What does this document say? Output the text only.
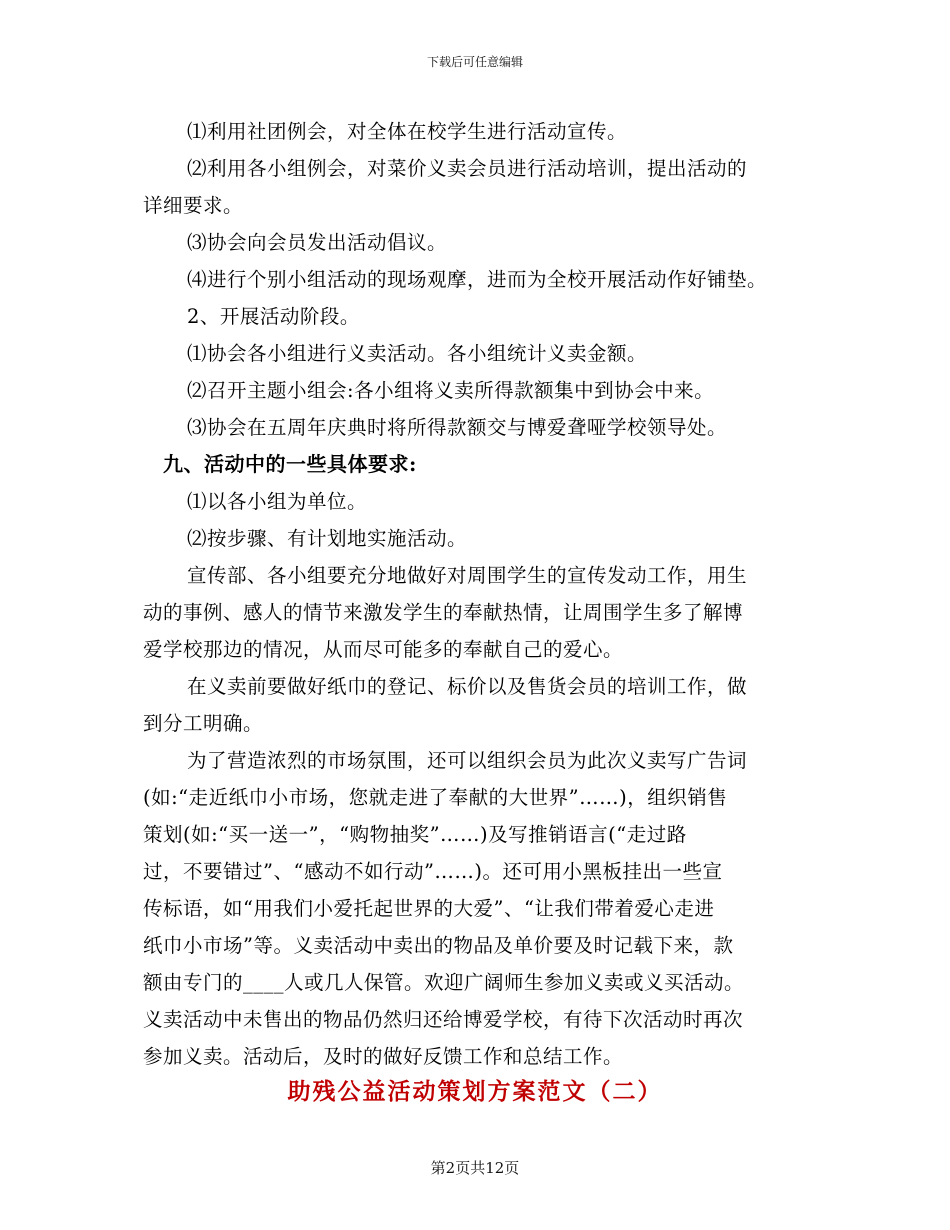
下载后可任意编辑
⑴利用社团例会，对全体在校学生进行活动宣传。
⑵利用各小组例会，对菜价义卖会员进行活动培训，提出活动的
详细要求。
⑶协会向会员发出活动倡议。
⑷进行个别小组活动的现场观摩，进而为全校开展活动作好铺垫。
2、开展活动阶段。
⑴协会各小组进行义卖活动。各小组统计义卖金额。
⑵召开主题小组会:各小组将义卖所得款额集中到协会中来。
⑶协会在五周年庆典时将所得款额交与博爱聋哑学校领导处。
九、活动中的一些具体要求:
⑴以各小组为单位。
⑵按步骤、有计划地实施活动。
宣传部、各小组要充分地做好对周围学生的宣传发动工作，用生
动的事例、感人的情节来激发学生的奉献热情，让周围学生多了解博
爱学校那边的情况，从而尽可能多的奉献自己的爱心。
在义卖前要做好纸巾的登记、标价以及售货会员的培训工作，做
到分工明确。
为了营造浓烈的市场氛围，还可以组织会员为此次义卖写广告词
(如:“走近纸巾小市场，您就走进了奉献的大世界”……)，组织销售
策划(如:“买一送一”，“购物抽奖”……)及写推销语言(“走过路
过，不要错过”、“感动不如行动”……)。还可用小黑板挂出一些宣
传标语，如“用我们小爱托起世界的大爱”、“让我们带着爱心走进
纸巾小市场”等。义卖活动中卖出的物品及单价要及时记载下来，款
额由专门的____人或几人保管。欢迎广阔师生参加义卖或义买活动。
义卖活动中未售出的物品仍然归还给博爱学校，有待下次活动时再次
参加义卖。活动后，及时的做好反馈工作和总结工作。
助残公益活动策划方案范文（二）
第2页共12页
